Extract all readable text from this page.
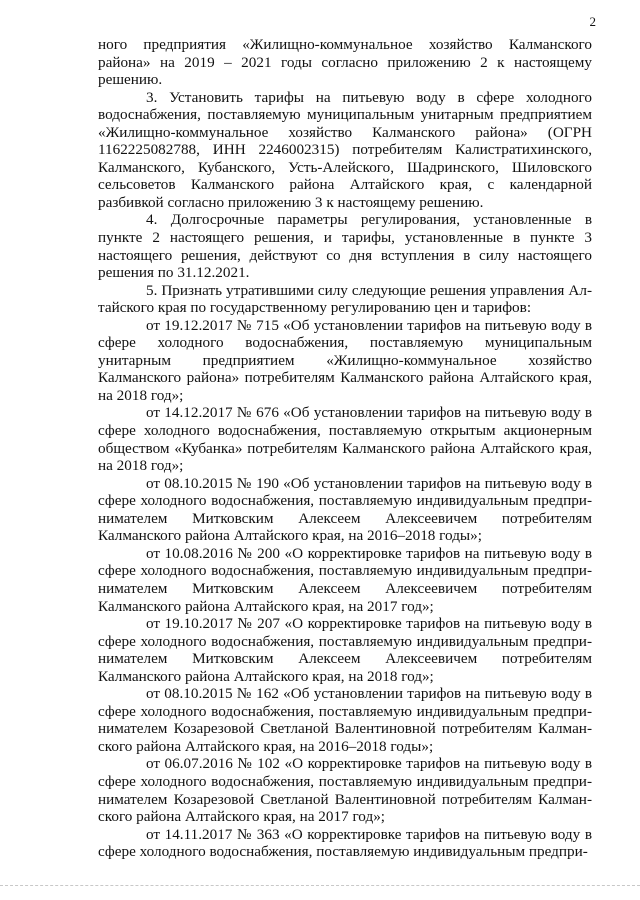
2

ного предприятия «Жилищно-коммунальное хозяйство Калманского района» на 2019 – 2021 годы согласно приложению 2 к настоящему решению.

3. Установить тарифы на питьевую воду в сфере холодного водоснабжения, поставляемую муниципальным унитарным предприятием «Жилищно-коммунальное хозяйство Калманского района» (ОГРН 1162225082788, ИНН 2246002315) потребителям Калистратихинского, Калманского, Кубанского, Усть-Алейского, Шадринского, Шиловского сельсоветов Калманского района Алтайского края, с календарной разбивкой согласно приложению 3 к настоящему решению.

4. Долгосрочные параметры регулирования, установленные в пункте 2 настоящего решения, и тарифы, установленные в пункте 3 настоящего решения, действуют со дня вступления в силу настоящего решения по 31.12.2021.

5. Признать утратившими силу следующие решения управления Алтайского края по государственному регулированию цен и тарифов:

от 19.12.2017 № 715 «Об установлении тарифов на питьевую воду в сфере холодного водоснабжения, поставляемую муниципальным унитарным предприятием «Жилищно-коммунальное хозяйство Калманского района» потребителям Калманского района Алтайского края, на 2018 год»;

от 14.12.2017 № 676 «Об установлении тарифов на питьевую воду в сфере холодного водоснабжения, поставляемую открытым акционерным обществом «Кубанка» потребителям Калманского района Алтайского края, на 2018 год»;

от 08.10.2015 № 190 «Об установлении тарифов на питьевую воду в сфере холодного водоснабжения, поставляемую индивидуальным предпринимателем Митковским Алексеем Алексеевичем потребителям Калманского района Алтайского края, на 2016–2018 годы»;

от 10.08.2016 № 200 «О корректировке тарифов на питьевую воду в сфере холодного водоснабжения, поставляемую индивидуальным предпринимателем Митковским Алексеем Алексеевичем потребителям Калманского района Алтайского края, на 2017 год»;

от 19.10.2017 № 207 «О корректировке тарифов на питьевую воду в сфере холодного водоснабжения, поставляемую индивидуальным предпринимателем Митковским Алексеем Алексеевичем потребителям Калманского района Алтайского края, на 2018 год»;

от 08.10.2015 № 162 «Об установлении тарифов на питьевую воду в сфере холодного водоснабжения, поставляемую индивидуальным предпринимателем Козарезовой Светланой Валентиновной потребителям Калманского района Алтайского края, на 2016–2018 годы»;

от 06.07.2016 № 102 «О корректировке тарифов на питьевую воду в сфере холодного водоснабжения, поставляемую индивидуальным предпринимателем Козарезовой Светланой Валентиновной потребителям Калманского района Алтайского края, на 2017 год»;

от 14.11.2017 № 363 «О корректировке тарифов на питьевую воду в сфере холодного водоснабжения, поставляемую индивидуальным предпри-
